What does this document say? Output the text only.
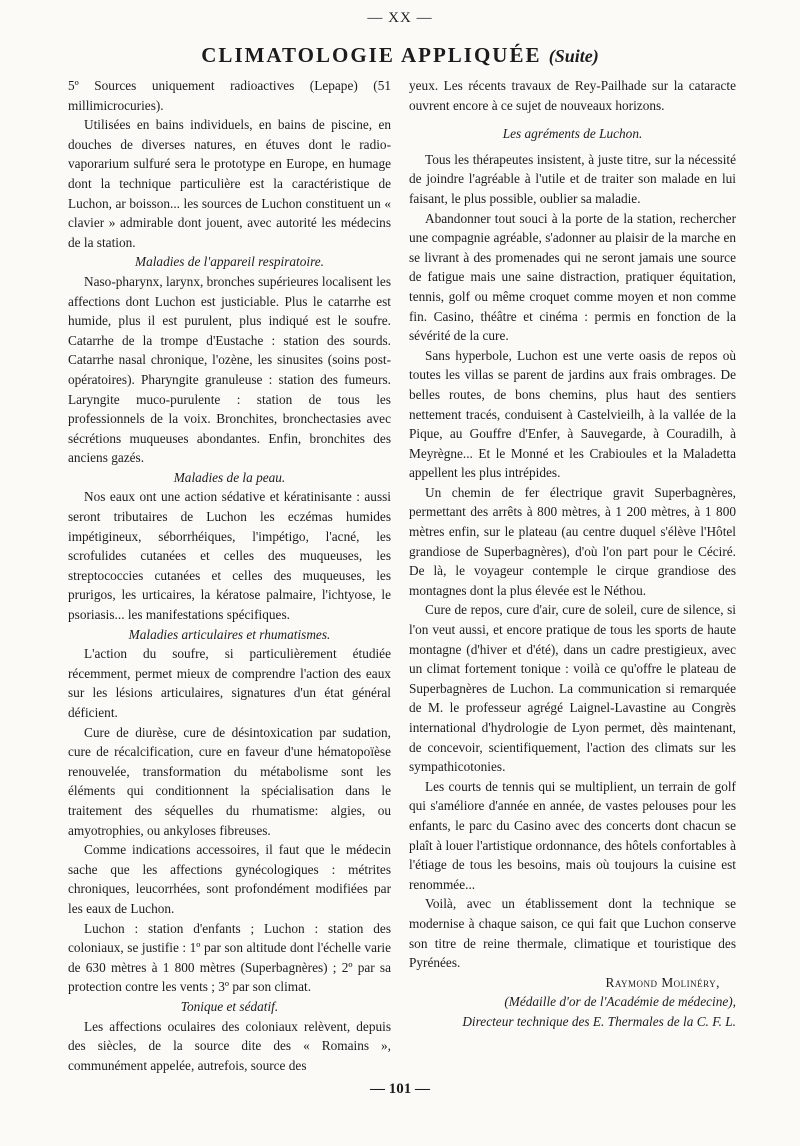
— XX —
CLIMATOLOGIE APPLIQUÉE (Suite)

5º Sources uniquement radioactives (Lepape) (51 millimicrocuries).

Utilisées en bains individuels, en bains de piscine, en douches de diverses natures, en étuves dont le radio-vaporarium sulfuré sera le prototype en Europe, en humage dont la technique particulière est la caractéristique de Luchon, ar boisson... les sources de Luchon constituent un « clavier » admirable dont jouent, avec autorité les médecins de la station.

Maladies de l'appareil respiratoire.

Naso-pharynx, larynx, bronches supérieures localisent les affections dont Luchon est justiciable. Plus le catarrhe est humide, plus il est purulent, plus indiqué est le soufre. Catarrhe de la trompe d'Eustache : station des sourds. Catarrhe nasal chronique, l'ozène, les sinusites (soins post-opératoires). Pharyngite granuleuse : station des fumeurs. Laryngite muco-purulente : station de tous les professionnels de la voix. Bronchites, bronchectasies avec sécrétions muqueuses abondantes. Enfin, bronchites des anciens gazés.

Maladies de la peau.

Nos eaux ont une action sédative et kératinisante : aussi seront tributaires de Luchon les eczémas humides impétigineux, séborrhéiques, l'impétigo, l'acné, les scrofulides cutanées et celles des muqueuses, les streptococcies cutanées et celles des muqueuses, les prurigos, les urticaires, la kératose palmaire, l'ichtyose, le psoriasis... les manifestations spécifiques.

Maladies articulaires et rhumatismes.

L'action du soufre, si particulièrement étudiée récemment, permet mieux de comprendre l'action des eaux sur les lésions articulaires, signatures d'un état général déficient.

Cure de diurèse, cure de désintoxication par sudation, cure de récalcification, cure en faveur d'une hématopoïèse renouvelée, transformation du métabolisme sont les éléments qui conditionnent la spécialisation dans le traitement des séquelles du rhumatisme: algies, ou amyotrophies, ou ankyloses fibreuses.

Comme indications accessoires, il faut que le médecin sache que les affections gynécologiques : métrites chroniques, leucorrhées, sont profondément modifiées par les eaux de Luchon.

Luchon : station d'enfants ; Luchon : station des coloniaux, se justifie : 1º par son altitude dont l'échelle varie de 630 mètres à 1 800 mètres (Superbagnères) ; 2º par sa protection contre les vents ; 3º par son climat.

Tonique et sédatif.

Les affections oculaires des coloniaux relèvent, depuis des siècles, de la source dite des « Romains », communément appelée, autrefois, source des

yeux. Les récents travaux de Rey-Pailhade sur la cataracte ouvrent encore à ce sujet de nouveaux horizons.

Les agréments de Luchon.

Tous les thérapeutes insistent, à juste titre, sur la nécessité de joindre l'agréable à l'utile et de traiter son malade en lui faisant, le plus possible, oublier sa maladie.

Abandonner tout souci à la porte de la station, rechercher une compagnie agréable, s'adonner au plaisir de la marche en se livrant à des promenades qui ne seront jamais une source de fatigue mais une saine distraction, pratiquer équitation, tennis, golf ou même croquet comme moyen et non comme fin. Casino, théâtre et cinéma : permis en fonction de la sévérité de la cure.

Sans hyperbole, Luchon est une verte oasis de repos où toutes les villas se parent de jardins aux frais ombrages. De belles routes, de bons chemins, plus haut des sentiers nettement tracés, conduisent à Castelvieilh, à la vallée de la Pique, au Gouffre d'Enfer, à Sauvegarde, à Couradilh, à Meyrègne... Et le Monné et les Crabioules et la Maladetta appellent les plus intrépides.

Un chemin de fer électrique gravit Superbagnères, permettant des arrêts à 800 mètres, à 1 200 mètres, à 1 800 mètres enfin, sur le plateau (au centre duquel s'élève l'Hôtel grandiose de Superbagnères), d'où l'on part pour le Céciré. De là, le voyageur contemple le cirque grandiose des montagnes dont la plus élevée est le Néthou.

Cure de repos, cure d'air, cure de soleil, cure de silence, si l'on veut aussi, et encore pratique de tous les sports de haute montagne (d'hiver et d'été), dans un cadre prestigieux, avec un climat fortement tonique : voilà ce qu'offre le plateau de Superbagnères de Luchon. La communication si remarquée de M. le professeur agrégé Laignel-Lavastine au Congrès international d'hydrologie de Lyon permet, dès maintenant, de concevoir, scientifiquement, l'action des climats sur les sympathicotonies.

Les courts de tennis qui se multiplient, un terrain de golf qui s'améliore d'année en année, de vastes pelouses pour les enfants, le parc du Casino avec des concerts dont chacun se plaît à louer l'artistique ordonnance, des hôtels confortables à l'étiage de tous les besoins, mais où toujours la cuisine est renommée...

Voilà, avec un établissement dont la technique se modernise à chaque saison, ce qui fait que Luchon conserve son titre de reine thermale, climatique et touristique des Pyrénées.

Raymond Molinéry,
(Médaille d'or de l'Académie de médecine),
Directeur technique des E. Thermales de la C. F. L.
— 101 —
